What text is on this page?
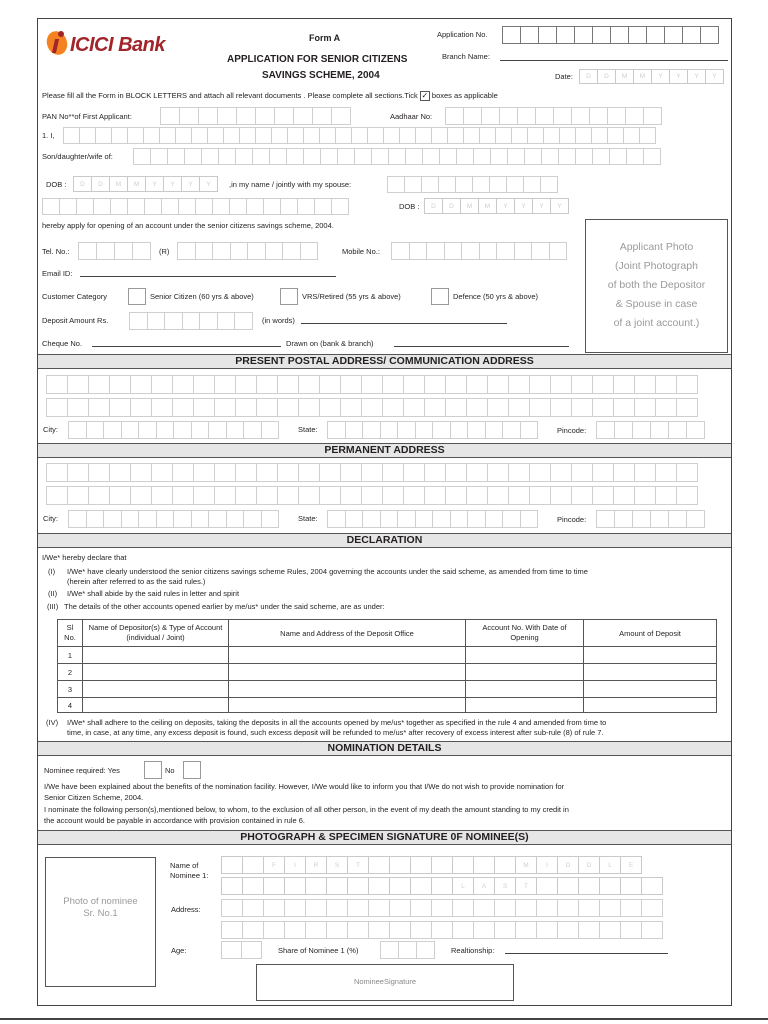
ICICI Bank	Form A
APPLICATION FOR SENIOR CITIZENS
SAVINGS SCHEME, 2004
Application No.
Branch Name:
Date:	D	D	M	M	Y	Y	Y	Y
Please fill all the Form in BLOCK LETTERS and attach all relevant documents . Please complete all sections.Tick ✓ boxes as applicable
PAN No**of First Applicant:	Aadhaar No:
1. I,
Son/daughter/wife of:
DOB :	D	D	M	M	Y	Y	Y	Y	,in my name / jointly with my spouse:
DOB :	D	D	M	M	Y	Y	Y	Y
hereby apply for opening of an account under the senior citizens savings scheme, 2004.
Applicant Photo
(Joint Photograph
of both the Depositor
& Spouse in case
of a joint account.)
Tel. No.:	(R)	Mobile No.:
Email ID:
Customer Category	Senior Citizen (60 yrs & above)	VRS/Retired (55 yrs & above)	Defence (50 yrs & above)
Deposit Amount Rs.	(in words)
Cheque No.	Drawn on (bank & branch)
PRESENT POSTAL ADDRESS/ COMMUNICATION ADDRESS
City:	State:	Pincode:
PERMANENT ADDRESS
City:	State:	Pincode:
DECLARATION
I/We* hereby declare that
(I) I/We* have clearly understood the senior citizens savings scheme Rules, 2004 governing the accounts under the said scheme, as amended from time to time
(herein after referred to as the said rules.)
(II) I/We* shall abide by the said rules in letter and spirit
(III) The details of the other accounts opened earlier by me/us* under the said scheme, are as under:
Sl No.	Name of Depositor(s) & Type of Account (individual / Joint)	Name and Address of the Deposit Office	Account No. With Date of Opening	Amount of Deposit
1				
2				
3				
4				
(IV) I/We* shall adhere to the ceiling on deposits, taking the deposits in all the accounts opened by me/us* together as specified in the rule 4 and amended from time to
time, in case, at any time, any excess deposit is found, such excess deposit will be refunded to me/us* after recovery of excess interest after sub-rule (8) of rule 7.
NOMINATION DETAILS
Nominee required: Yes	No
I/We have been explained about the benefits of the nomination facility. However, I/We would like to inform you that I/We do not wish to provide nomination for
Senior Citizen Scheme, 2004.
I nominate the following person(s),mentioned below, to whom, to the exclusion of all other person, in the event of my death the amount standing to my credit in
the account would be payable in accordance with provision contained in rule 6.
PHOTOGRAPH & SPECIMEN SIGNATURE 0F NOMINEE(S)
Photo of nominee
Sr. No.1
Name of
Nominee 1:
F	I	R	S	T	M	I	D	D	L	E
L	A	S	T
Address:
Age:	Share of Nominee 1 (%)	Realtionship:
NomineeSignature
